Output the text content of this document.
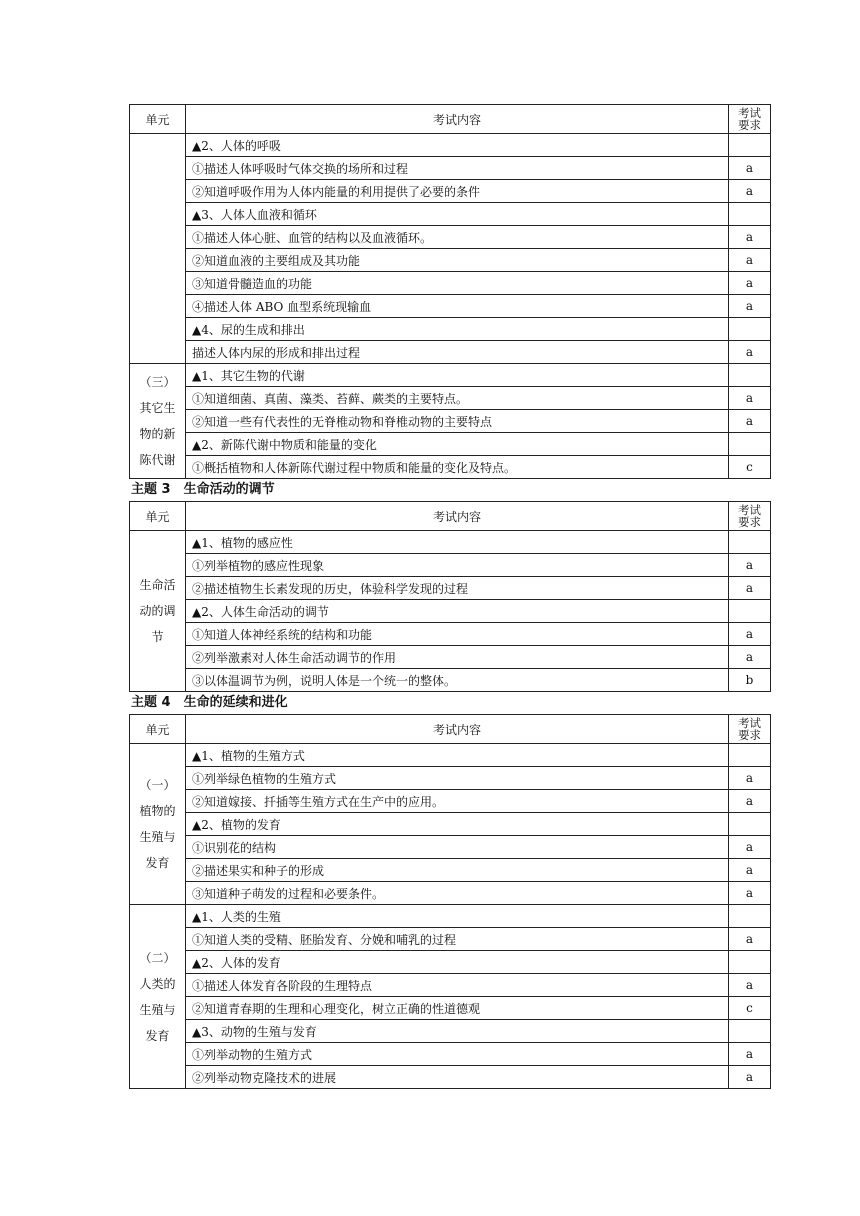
单元	考试内容	考试
要求
	▲2、人体的呼吸	
	①描述人体呼吸时气体交换的场所和过程	a
	②知道呼吸作用为人体内能量的利用提供了必要的条件	a
	▲3、人体人血液和循环	
	①描述人体心脏、血管的结构以及血液循环。	a
	②知道血液的主要组成及其功能	a
	③知道骨髓造血的功能	a
	④描述人体 ABO 血型系统现输血	a
	▲4、尿的生成和排出	
	描述人体内尿的形成和排出过程	a

（三）
其它生
物的新
陈代谢	▲1、其它生物的代谢	
	①知道细菌、真菌、藻类、苔藓、蕨类的主要特点。	a
	②知道一些有代表性的无脊椎动物和脊椎动物的主要特点	a
	▲2、新陈代谢中物质和能量的变化	
	①概括植物和人体新陈代谢过程中物质和能量的变化及特点。	c
主题 3　生命活动的调节
单元	考试内容	考试
要求

生命活
动的调
节	▲1、植物的感应性	
	①列举植物的感应性现象	a
	②描述植物生长素发现的历史，体验科学发现的过程	a
	▲2、人体生命活动的调节	
	①知道人体神经系统的结构和功能	a
	②列举激素对人体生命活动调节的作用	a
	③以体温调节为例，说明人体是一个统一的整体。	b
主题 4　生命的延续和进化
单元	考试内容	考试
要求

（一）
植物的
生殖与
发育	▲1、植物的生殖方式	
	①列举绿色植物的生殖方式	a
	②知道嫁接、扦插等生殖方式在生产中的应用。	a
	▲2、植物的发育	
	①识别花的结构	a
	②描述果实和种子的形成	a
	③知道种子萌发的过程和必要条件。	a

（二）
人类的
生殖与
发育	▲1、人类的生殖	
	①知道人类的受精、胚胎发育、分娩和哺乳的过程	a
	▲2、人体的发育	
	①描述人体发育各阶段的生理特点	a
	②知道青春期的生理和心理变化，树立正确的性道德观	c
	▲3、动物的生殖与发育	
	①列举动物的生殖方式	a
	②列举动物克隆技术的进展	a
